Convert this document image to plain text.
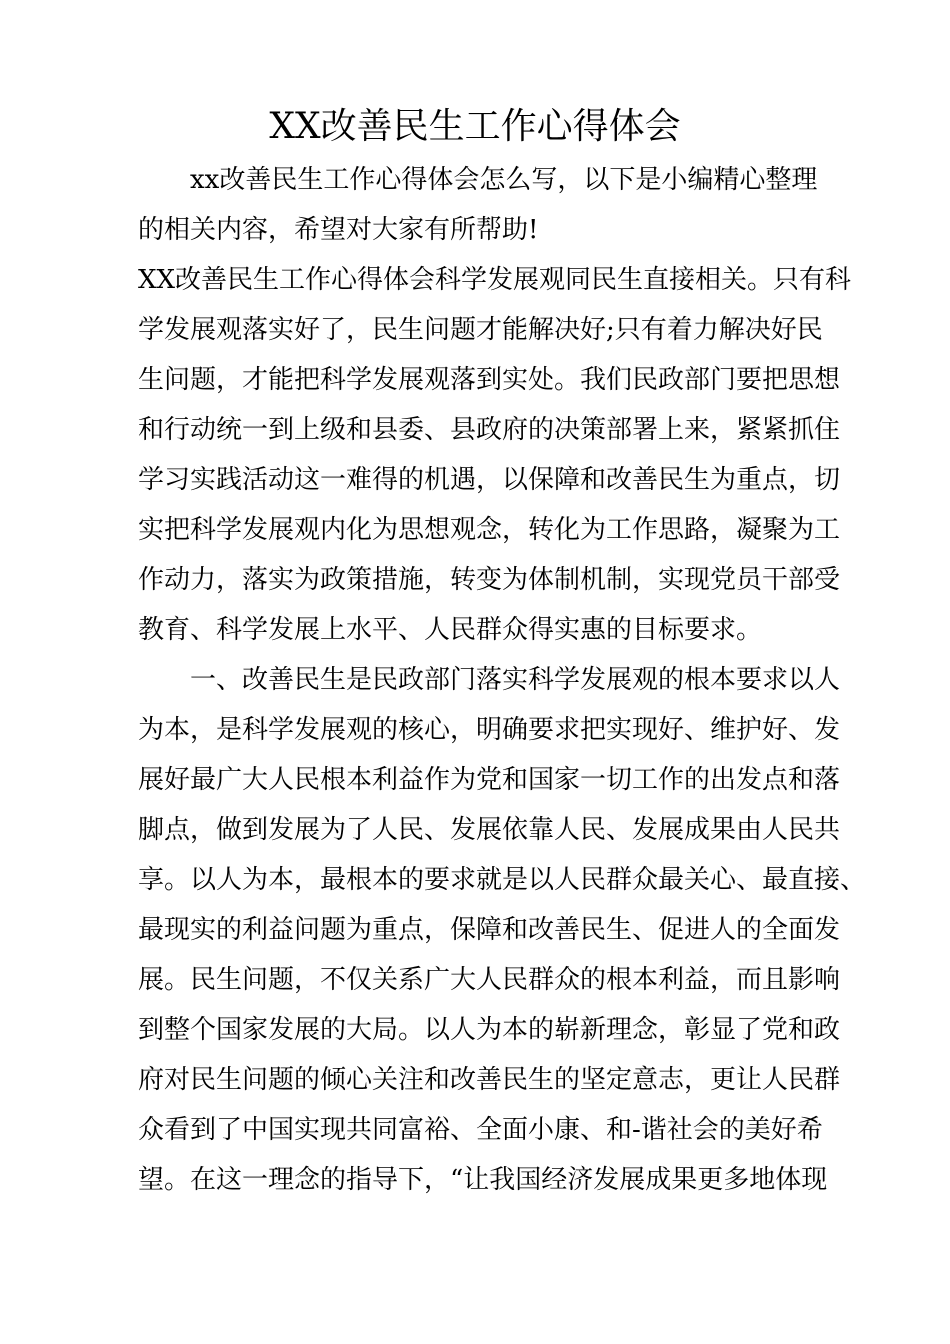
XX改善民生工作心得体会
xx改善民生工作心得体会怎么写，以下是小编精心整理
的相关内容，希望对大家有所帮助!
XX改善民生工作心得体会科学发展观同民生直接相关。只有科
学发展观落实好了，民生问题才能解决好;只有着力解决好民
生问题，才能把科学发展观落到实处。我们民政部门要把思想
和行动统一到上级和县委、县政府的决策部署上来，紧紧抓住
学习实践活动这一难得的机遇，以保障和改善民生为重点，切
实把科学发展观内化为思想观念，转化为工作思路，凝聚为工
作动力，落实为政策措施，转变为体制机制，实现党员干部受
教育、科学发展上水平、人民群众得实惠的目标要求。
一、改善民生是民政部门落实科学发展观的根本要求以人
为本，是科学发展观的核心，明确要求把实现好、维护好、发
展好最广大人民根本利益作为党和国家一切工作的出发点和落
脚点，做到发展为了人民、发展依靠人民、发展成果由人民共
享。以人为本，最根本的要求就是以人民群众最关心、最直接、
最现实的利益问题为重点，保障和改善民生、促进人的全面发
展。民生问题，不仅关系广大人民群众的根本利益，而且影响
到整个国家发展的大局。以人为本的崭新理念，彰显了党和政
府对民生问题的倾心关注和改善民生的坚定意志，更让人民群
众看到了中国实现共同富裕、全面小康、和-谐社会的美好希
望。在这一理念的指导下，“让我国经济发展成果更多地体现
